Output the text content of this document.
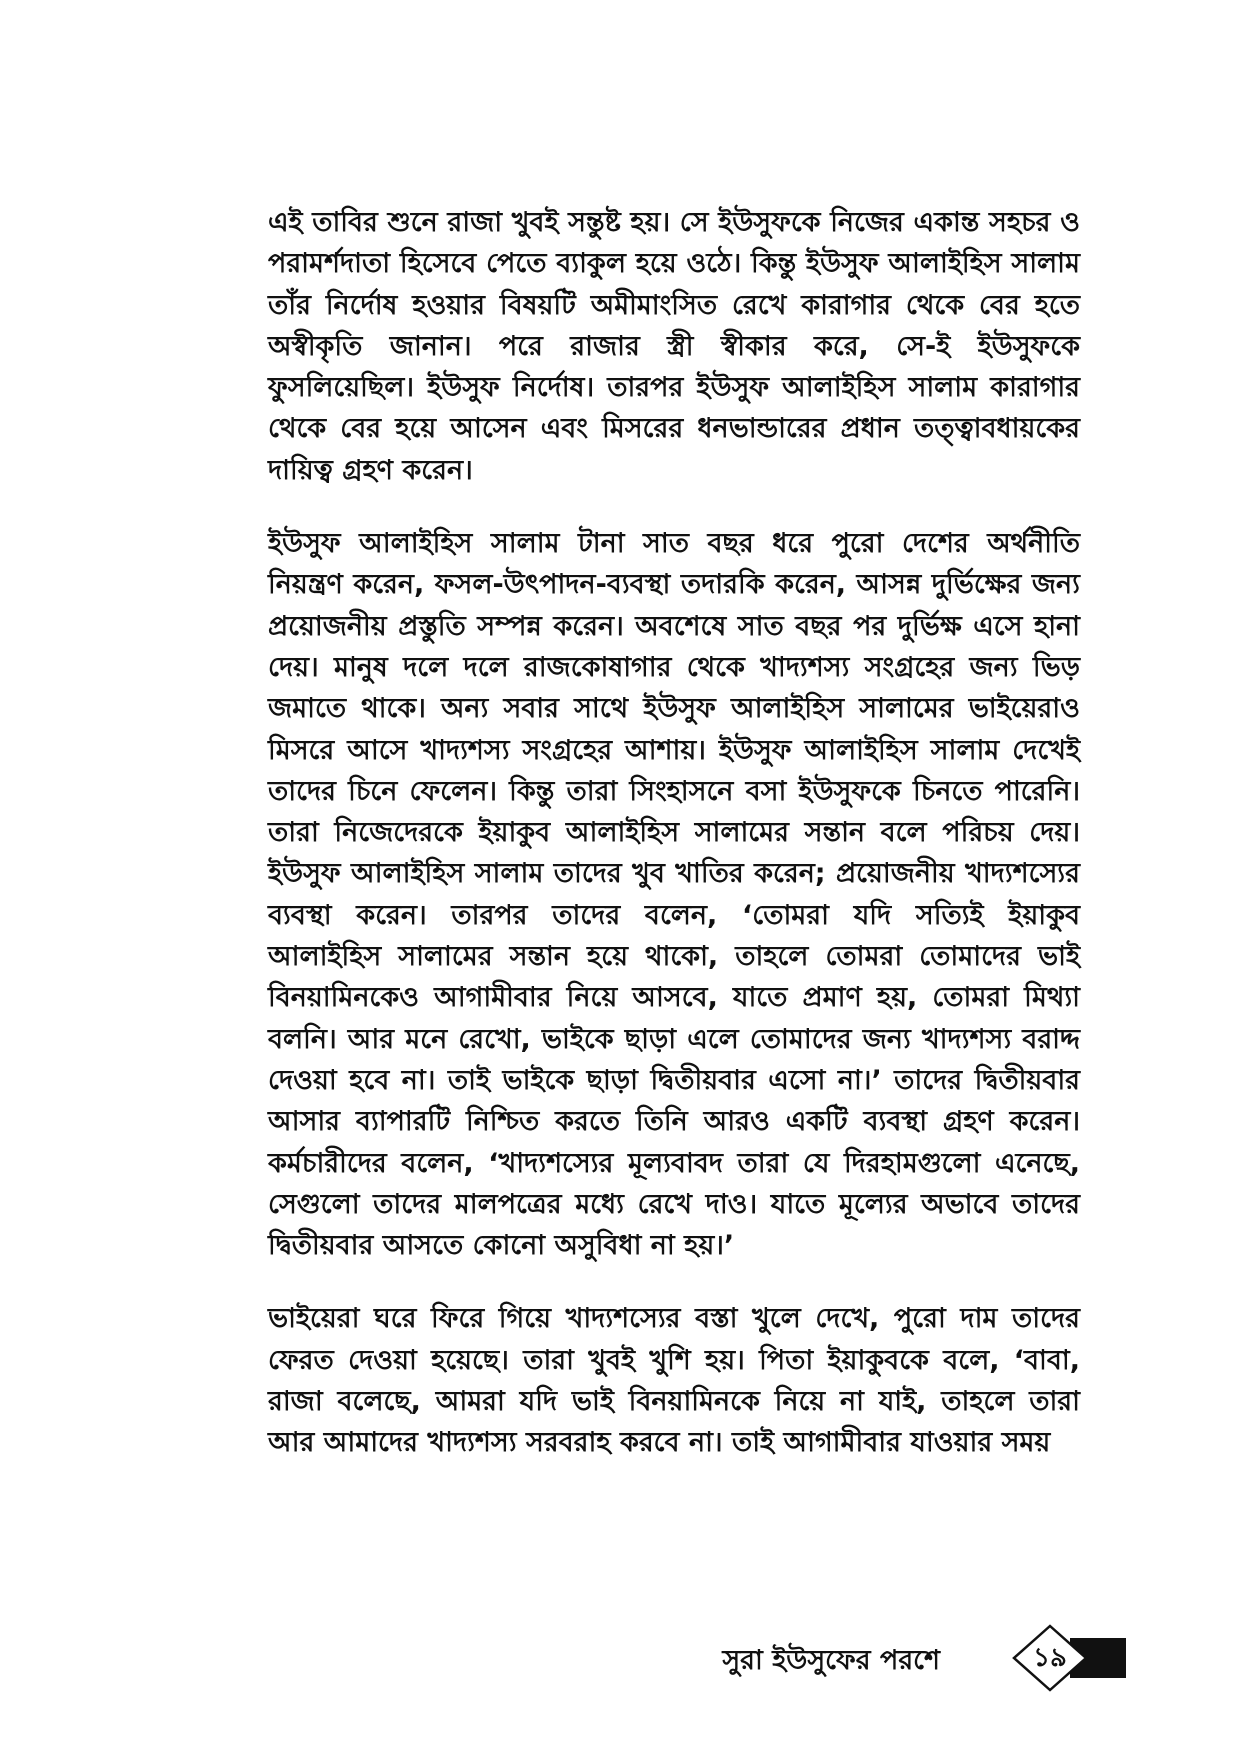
এই তাবির শুনে রাজা খুবই সন্তুষ্ট হয়। সে ইউসুফকে নিজের একান্ত সহচর ও পরামর্শদাতা হিসেবে পেতে ব্যাকুল হয়ে ওঠে। কিন্তু ইউসুফ আলাইহিস সালাম তাঁর নির্দোষ হওয়ার বিষয়টি অমীমাংসিত রেখে কারাগার থেকে বের হতে অস্বীকৃতি জানান। পরে রাজার স্ত্রী স্বীকার করে, সে-ই ইউসুফকে ফুসলিয়েছিল। ইউসুফ নির্দোষ। তারপর ইউসুফ আলাইহিস সালাম কারাগার থেকে বের হয়ে আসেন এবং মিসরের ধনভান্ডারের প্রধান তত্ত্বাবধায়কের দায়িত্ব গ্রহণ করেন।

ইউসুফ আলাইহিস সালাম টানা সাত বছর ধরে পুরো দেশের অর্থনীতি নিয়ন্ত্রণ করেন, ফসল-উৎপাদন-ব্যবস্থা তদারকি করেন, আসন্ন দুর্ভিক্ষের জন্য প্রয়োজনীয় প্রস্তুতি সম্পন্ন করেন। অবশেষে সাত বছর পর দুর্ভিক্ষ এসে হানা দেয়। মানুষ দলে দলে রাজকোষাগার থেকে খাদ্যশস্য সংগ্রহের জন্য ভিড় জমাতে থাকে। অন্য সবার সাথে ইউসুফ আলাইহিস সালামের ভাইয়েরাও মিসরে আসে খাদ্যশস্য সংগ্রহের আশায়। ইউসুফ আলাইহিস সালাম দেখেই তাদের চিনে ফেলেন। কিন্তু তারা সিংহাসনে বসা ইউসুফকে চিনতে পারেনি। তারা নিজেদেরকে ইয়াকুব আলাইহিস সালামের সন্তান বলে পরিচয় দেয়। ইউসুফ আলাইহিস সালাম তাদের খুব খাতির করেন; প্রয়োজনীয় খাদ্যশস্যের ব্যবস্থা করেন। তারপর তাদের বলেন, ‘তোমরা যদি সত্যিই ইয়াকুব আলাইহিস সালামের সন্তান হয়ে থাকো, তাহলে তোমরা তোমাদের ভাই বিনয়ামিনকেও আগামীবার নিয়ে আসবে, যাতে প্রমাণ হয়, তোমরা মিথ্যা বলনি। আর মনে রেখো, ভাইকে ছাড়া এলে তোমাদের জন্য খাদ্যশস্য বরাদ্দ দেওয়া হবে না। তাই ভাইকে ছাড়া দ্বিতীয়বার এসো না।’ তাদের দ্বিতীয়বার আসার ব্যাপারটি নিশ্চিত করতে তিনি আরও একটি ব্যবস্থা গ্রহণ করেন। কর্মচারীদের বলেন, ‘খাদ্যশস্যের মূল্যবাবদ তারা যে দিরহামগুলো এনেছে, সেগুলো তাদের মালপত্রের মধ্যে রেখে দাও। যাতে মূল্যের অভাবে তাদের দ্বিতীয়বার আসতে কোনো অসুবিধা না হয়।’

ভাইয়েরা ঘরে ফিরে গিয়ে খাদ্যশস্যের বস্তা খুলে দেখে, পুরো দাম তাদের ফেরত দেওয়া হয়েছে। তারা খুবই খুশি হয়। পিতা ইয়াকুবকে বলে, ‘বাবা, রাজা বলেছে, আমরা যদি ভাই বিনয়ামিনকে নিয়ে না যাই, তাহলে তারা আর আমাদের খাদ্যশস্য সরবরাহ করবে না। তাই আগামীবার যাওয়ার সময়

সুরা ইউসুফের পরশে	১৯
